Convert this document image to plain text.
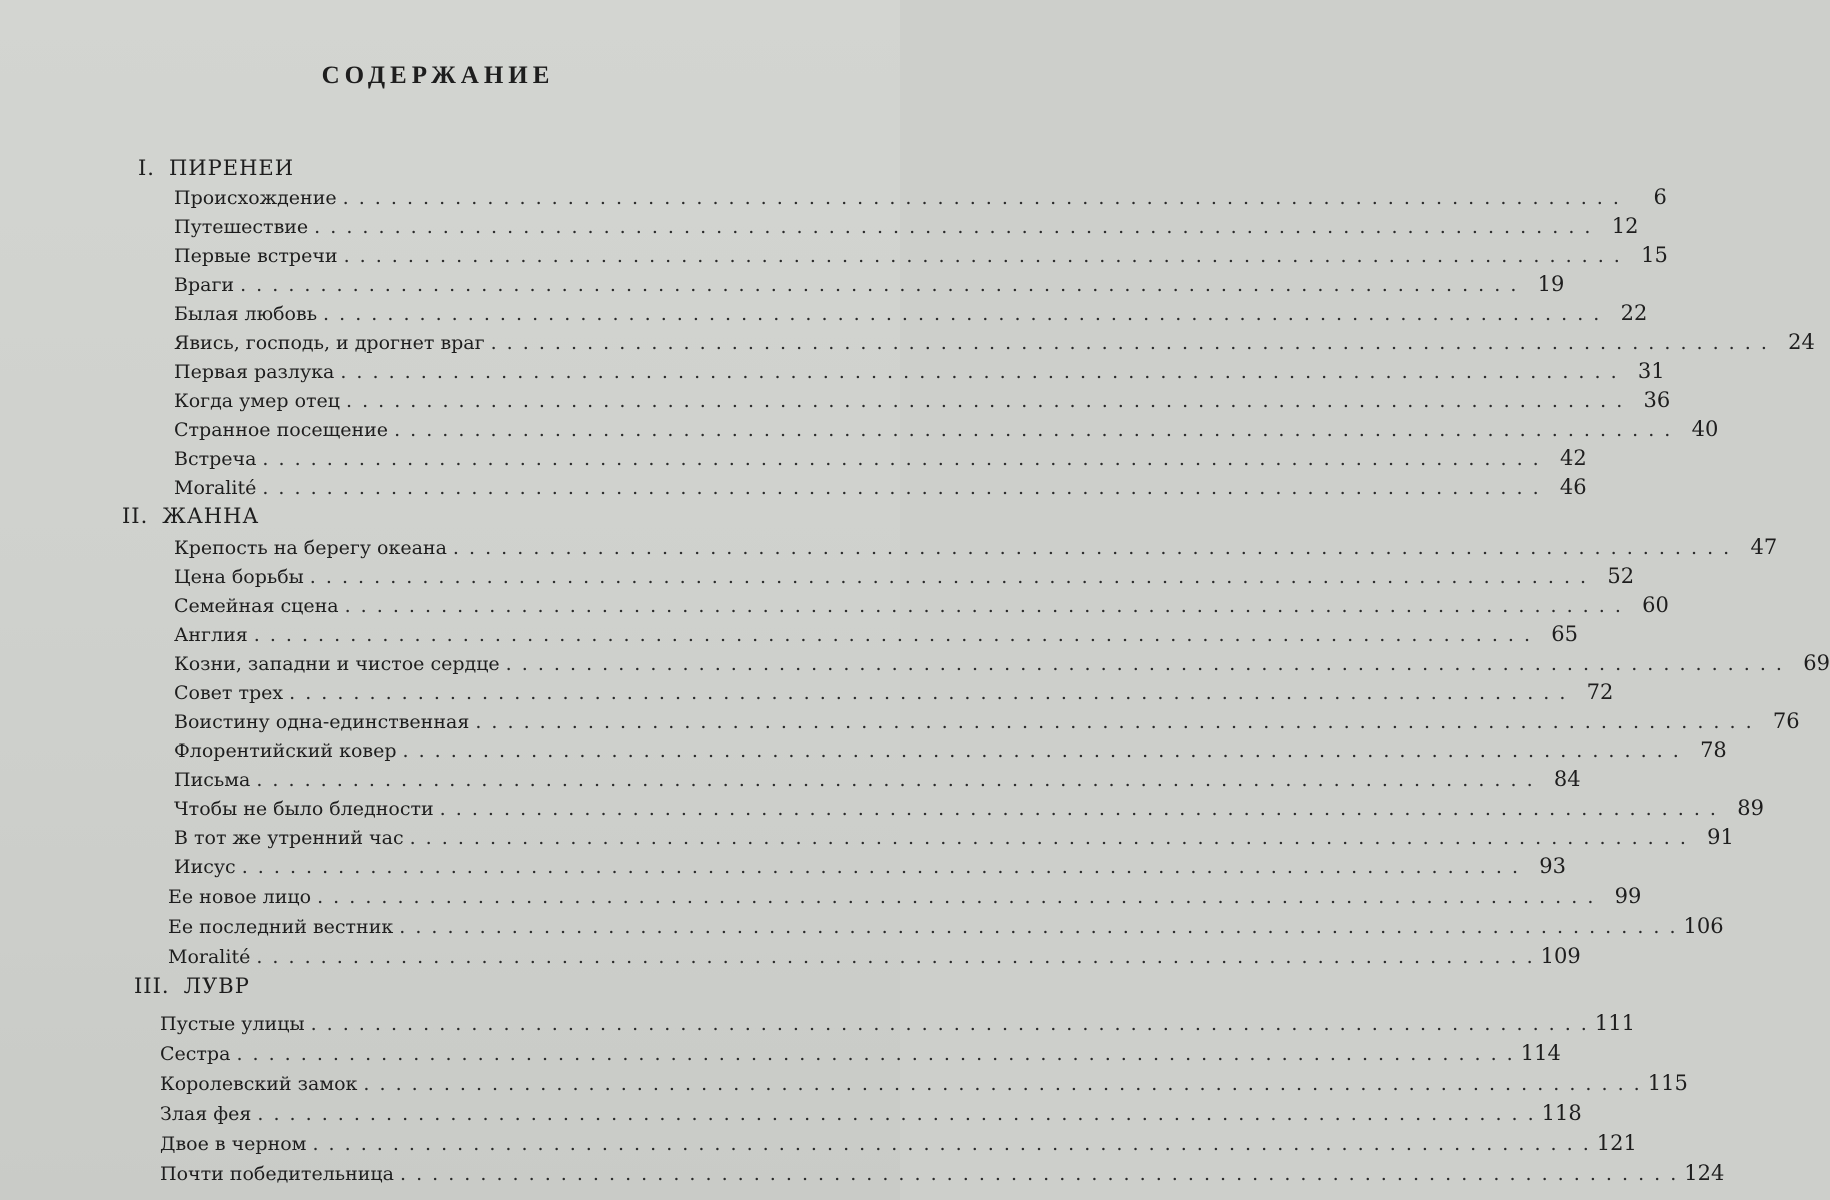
СОДЕРЖАНИЕ
I. ПИРЕНЕИ
Происхождение . . . . . . . . . . . . . . . . . . . . . . . . . . . . . . . . . . . . . . . . . . . . . . . . . . . . . . . . . . . . . . . . . . . . . . . . . . . . . . . .	6
Путешествие . . . . . . . . . . . . . . . . . . . . . . . . . . . . . . . . . . . . . . . . . . . . . . . . . . . . . . . . . . . . . . . . . . . . . . . . . . . . . . . . 12
Первые встречи . . . . . . . . . . . . . . . . . . . . . . . . . . . . . . . . . . . . . . . . . . . . . . . . . . . . . . . . . . . . . . . . . . . . . . . . . . . . . . . . 15
Враги . . . . . . . . . . . . . . . . . . . . . . . . . . . . . . . . . . . . . . . . . . . . . . . . . . . . . . . . . . . . . . . . . . . . . . . . . . . . . . . . 19
Былая любовь . . . . . . . . . . . . . . . . . . . . . . . . . . . . . . . . . . . . . . . . . . . . . . . . . . . . . . . . . . . . . . . . . . . . . . . . . . . . . . . . 22
Явись, господь, и дрогнет враг . . . . . . . . . . . . . . . . . . . . . . . . . . . . . . . . . . . . . . . . . . . . . . . . . . . . . . . . . . . . . . . . . . . . . . . . . . . . . . . . 24
Первая разлука . . . . . . . . . . . . . . . . . . . . . . . . . . . . . . . . . . . . . . . . . . . . . . . . . . . . . . . . . . . . . . . . . . . . . . . . . . . . . . . . 31
Когда умер отец . . . . . . . . . . . . . . . . . . . . . . . . . . . . . . . . . . . . . . . . . . . . . . . . . . . . . . . . . . . . . . . . . . . . . . . . . . . . . . . . 36
Странное посещение . . . . . . . . . . . . . . . . . . . . . . . . . . . . . . . . . . . . . . . . . . . . . . . . . . . . . . . . . . . . . . . . . . . . . . . . . . . . . . . . 40
Встреча . . . . . . . . . . . . . . . . . . . . . . . . . . . . . . . . . . . . . . . . . . . . . . . . . . . . . . . . . . . . . . . . . . . . . . . . . . . . . . . . 42
Moralité . . . . . . . . . . . . . . . . . . . . . . . . . . . . . . . . . . . . . . . . . . . . . . . . . . . . . . . . . . . . . . . . . . . . . . . . . . . . . . . . 46
II. ЖАННА
Крепость на берегу океана . . . . . . . . . . . . . . . . . . . . . . . . . . . . . . . . . . . . . . . . . . . . . . . . . . . . . . . . . . . . . . . . . . . . . . . . . . . . . . . . 47
Цена борьбы . . . . . . . . . . . . . . . . . . . . . . . . . . . . . . . . . . . . . . . . . . . . . . . . . . . . . . . . . . . . . . . . . . . . . . . . . . . . . . . . 52
Семейная сцена . . . . . . . . . . . . . . . . . . . . . . . . . . . . . . . . . . . . . . . . . . . . . . . . . . . . . . . . . . . . . . . . . . . . . . . . . . . . . . . . 60
Англия . . . . . . . . . . . . . . . . . . . . . . . . . . . . . . . . . . . . . . . . . . . . . . . . . . . . . . . . . . . . . . . . . . . . . . . . . . . . . . . . 65
Козни, западни и чистое сердце . . . . . . . . . . . . . . . . . . . . . . . . . . . . . . . . . . . . . . . . . . . . . . . . . . . . . . . . . . . . . . . . . . . . . . . . . . . . . . . . 69
Совет трех . . . . . . . . . . . . . . . . . . . . . . . . . . . . . . . . . . . . . . . . . . . . . . . . . . . . . . . . . . . . . . . . . . . . . . . . . . . . . . . . 72
Воистину одна-единственная . . . . . . . . . . . . . . . . . . . . . . . . . . . . . . . . . . . . . . . . . . . . . . . . . . . . . . . . . . . . . . . . . . . . . . . . . . . . . . . . 76
Флорентийский ковер . . . . . . . . . . . . . . . . . . . . . . . . . . . . . . . . . . . . . . . . . . . . . . . . . . . . . . . . . . . . . . . . . . . . . . . . . . . . . . . . 78
Письма . . . . . . . . . . . . . . . . . . . . . . . . . . . . . . . . . . . . . . . . . . . . . . . . . . . . . . . . . . . . . . . . . . . . . . . . . . . . . . . . 84
Чтобы не было бледности . . . . . . . . . . . . . . . . . . . . . . . . . . . . . . . . . . . . . . . . . . . . . . . . . . . . . . . . . . . . . . . . . . . . . . . . . . . . . . . . 89
В тот же утренний час . . . . . . . . . . . . . . . . . . . . . . . . . . . . . . . . . . . . . . . . . . . . . . . . . . . . . . . . . . . . . . . . . . . . . . . . . . . . . . . . 91
Иисус . . . . . . . . . . . . . . . . . . . . . . . . . . . . . . . . . . . . . . . . . . . . . . . . . . . . . . . . . . . . . . . . . . . . . . . . . . . . . . . . 93
Ее новое лицо . . . . . . . . . . . . . . . . . . . . . . . . . . . . . . . . . . . . . . . . . . . . . . . . . . . . . . . . . . . . . . . . . . . . . . . . . . . . . . . . 99
Ее последний вестник . . . . . . . . . . . . . . . . . . . . . . . . . . . . . . . . . . . . . . . . . . . . . . . . . . . . . . . . . . . . . . . . . . . . . . . . . . . . . . . . 106
Moralité . . . . . . . . . . . . . . . . . . . . . . . . . . . . . . . . . . . . . . . . . . . . . . . . . . . . . . . . . . . . . . . . . . . . . . . . . . . . . . . . 109
III. ЛУВР
Пустые улицы . . . . . . . . . . . . . . . . . . . . . . . . . . . . . . . . . . . . . . . . . . . . . . . . . . . . . . . . . . . . . . . . . . . . . . . . . . . . . . . . 111
Сестра . . . . . . . . . . . . . . . . . . . . . . . . . . . . . . . . . . . . . . . . . . . . . . . . . . . . . . . . . . . . . . . . . . . . . . . . . . . . . . . . 114
Королевский замок . . . . . . . . . . . . . . . . . . . . . . . . . . . . . . . . . . . . . . . . . . . . . . . . . . . . . . . . . . . . . . . . . . . . . . . . . . . . . . . . 115
Злая фея . . . . . . . . . . . . . . . . . . . . . . . . . . . . . . . . . . . . . . . . . . . . . . . . . . . . . . . . . . . . . . . . . . . . . . . . . . . . . . . . 118
Двое в черном . . . . . . . . . . . . . . . . . . . . . . . . . . . . . . . . . . . . . . . . . . . . . . . . . . . . . . . . . . . . . . . . . . . . . . . . . . . . . . . . 121
Почти победительница . . . . . . . . . . . . . . . . . . . . . . . . . . . . . . . . . . . . . . . . . . . . . . . . . . . . . . . . . . . . . . . . . . . . . . . . . . . . . . . . 124
